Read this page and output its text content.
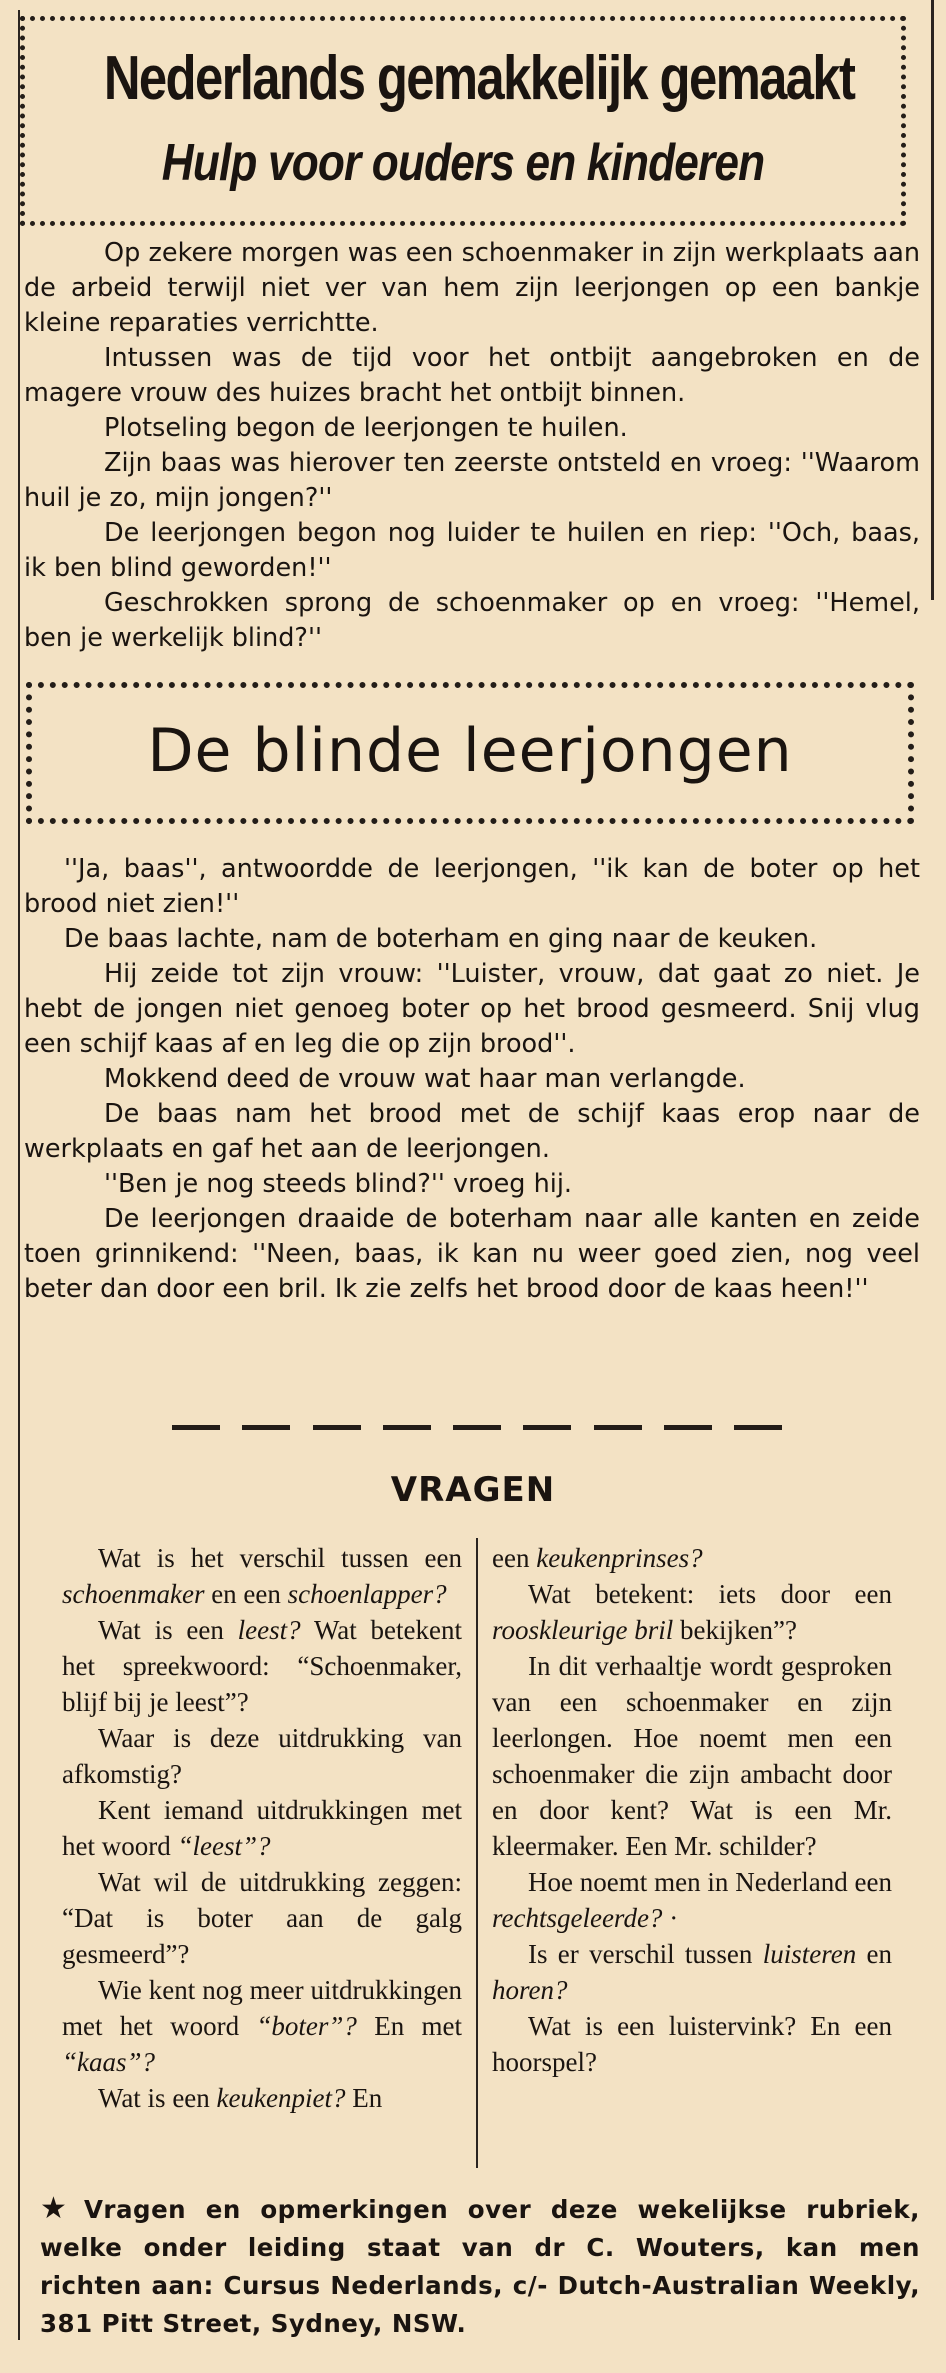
Nederlands gemakkelijk gemaakt
Hulp voor ouders en kinderen

Op zekere morgen was een schoenmaker in zijn werkplaats aan de arbeid terwijl niet ver van hem zijn leerjongen op een bankje kleine reparaties verrichtte.

Intussen was de tijd voor het ontbijt aangebroken en de magere vrouw des huizes bracht het ontbijt binnen.

Plotseling begon de leerjongen te huilen.

Zijn baas was hierover ten zeerste ontsteld en vroeg: ''Waarom huil je zo, mijn jongen?''

De leerjongen begon nog luider te huilen en riep: ''Och, baas, ik ben blind geworden!''

Geschrokken sprong de schoenmaker op en vroeg: ''Hemel, ben je werkelijk blind?''

De blinde leerjongen

''Ja, baas'', antwoordde de leerjongen, ''ik kan de boter op het brood niet zien!''

De baas lachte, nam de boterham en ging naar de keuken.

Hij zeide tot zijn vrouw: ''Luister, vrouw, dat gaat zo niet. Je hebt de jongen niet genoeg boter op het brood gesmeerd. Snij vlug een schijf kaas af en leg die op zijn brood''.

Mokkend deed de vrouw wat haar man verlangde.

De baas nam het brood met de schijf kaas erop naar de werkplaats en gaf het aan de leerjongen.

''Ben je nog steeds blind?'' vroeg hij.

De leerjongen draaide de boterham naar alle kanten en zeide toen grinnikend: ''Neen, baas, ik kan nu weer goed zien, nog veel beter dan door een bril. Ik zie zelfs het brood door de kaas heen!''

VRAGEN

Wat is het verschil tussen een schoenmaker en een schoenlapper?

Wat is een leest? Wat betekent het spreekwoord: “Schoenmaker, blijf bij je leest”?

Waar is deze uitdrukking van afkomstig?

Kent iemand uitdrukkingen met het woord “leest”?

Wat wil de uitdrukking zeggen: “Dat is boter aan de galg gesmeerd”?

Wie kent nog meer uitdrukkingen met het woord “boter”? En met “kaas”?

Wat is een keukenpiet? En

een keukenprinses?

Wat betekent: iets door een rooskleurige bril bekijken”?

In dit verhaaltje wordt gesproken van een schoenmaker en zijn leerlongen. Hoe noemt men een schoenmaker die zijn ambacht door en door kent? Wat is een Mr. kleermaker. Een Mr. schilder?

Hoe noemt men in Nederland een rechtsgeleerde? ·

Is er verschil tussen luisteren en horen?

Wat is een luistervink? En een hoorspel?

★ Vragen en opmerkingen over deze wekelijkse rubriek, welke onder leiding staat van dr C. Wouters, kan men richten aan: Cursus Nederlands, c/- Dutch-Australian Weekly, 381 Pitt Street, Sydney, NSW.
